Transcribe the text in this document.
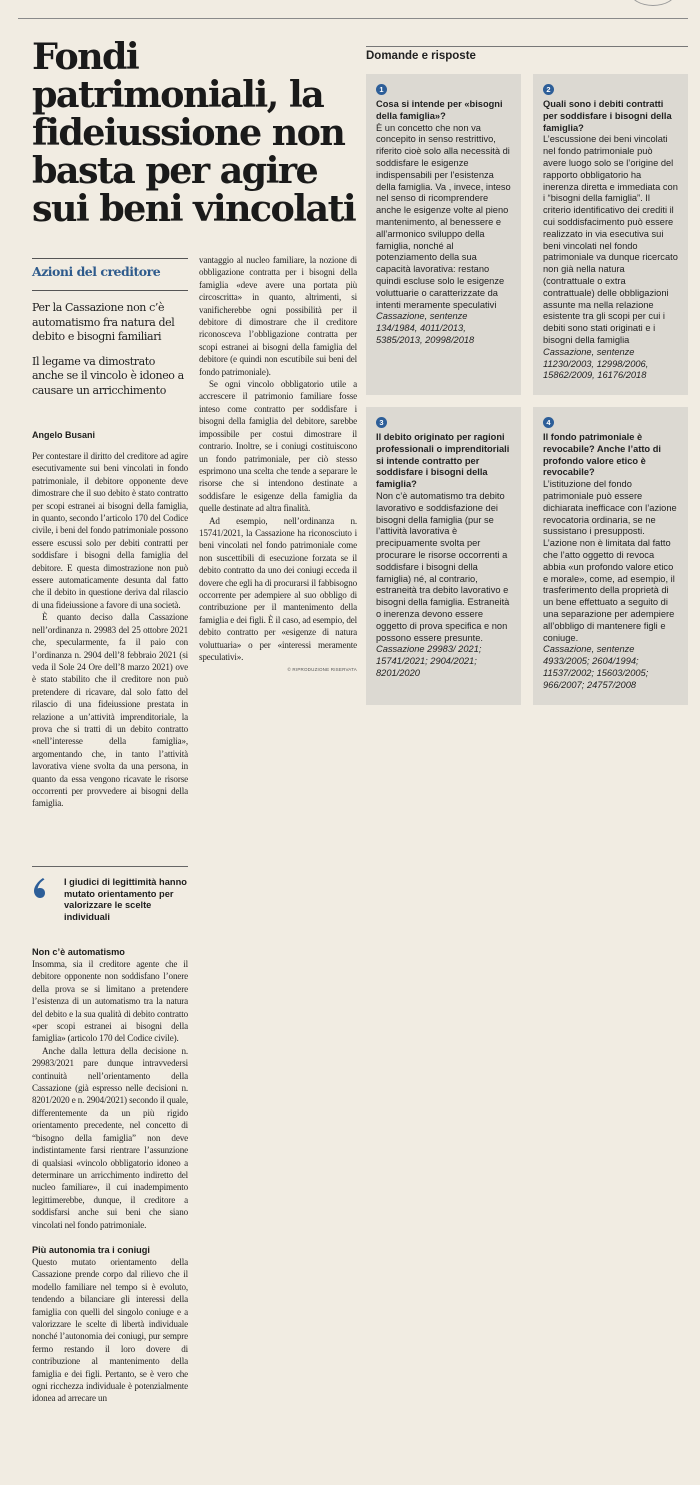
Fondi patrimoniali, la fideiussione non basta per agire sui beni vincolati
Azioni del creditore
Per la Cassazione non c’è automatismo fra natura del debito e bisogni familiari
Il legame va dimostrato anche se il vincolo è idoneo a causare un arricchimento
Angelo Busani

Per contestare il diritto del creditore ad agire esecutivamente sui beni vincolati in fondo patrimoniale, il debitore opponente deve dimostrare che il suo debito è stato contratto per scopi estranei ai bisogni della famiglia, in quanto, secondo l’articolo 170 del Codice civile, i beni del fondo patrimoniale possono essere escussi solo per debiti contratti per soddisfare i bisogni della famiglia del debitore. E questa dimostrazione non può essere automaticamente desunta dal fatto che il debito in questione deriva dal rilascio di una fideiussione a favore di una società.

È quanto deciso dalla Cassazione nell’ordinanza n. 29983 del 25 ottobre 2021 che, specularmente, fa il paio con l’ordinanza n. 2904 dell’8 febbraio 2021 (si veda il Sole 24 Ore dell’8 marzo 2021) ove è stato stabilito che il creditore non può pretendere di ricavare, dal solo fatto del rilascio di una fideiussione prestata in relazione a un’attività imprenditoriale, la prova che si tratti di un debito contratto «nell’interesse della famiglia», argomentando che, in tanto l’attività lavorativa viene svolta da una persona, in quanto da essa vengono ricavate le risorse occorrenti per provvedere ai bisogni della famiglia.

I giudici di legittimità hanno mutato orientamento per valorizzare le scelte individuali
Non c’è automatismo

Insomma, sia il creditore agente che il debitore opponente non soddisfano l’onere della prova se si limitano a pretendere l’esistenza di un automatismo tra la natura del debito e la sua qualità di debito contratto «per scopi estranei ai bisogni della famiglia» (articolo 170 del Codice civile).

Anche dalla lettura della decisione n. 29983/2021 pare dunque intravvedersi continuità nell’orientamento della Cassazione (già espresso nelle decisioni n. 8201/2020 e n. 2904/2021) secondo il quale, differentemente da un più rigido orientamento precedente, nel concetto di “bisogno della famiglia” non deve indistintamente farsi rientrare l’assunzione di qualsiasi «vincolo obbligatorio idoneo a determinare un arricchimento indiretto del nucleo familiare», il cui inadempimento legittimerebbe, dunque, il creditore a soddisfarsi anche sui beni che siano vincolati nel fondo patrimoniale.

Più autonomia tra i coniugi

Questo mutato orientamento della Cassazione prende corpo dal rilievo che il modello familiare nel tempo si è evoluto, tendendo a bilanciare gli interessi della famiglia con quelli del singolo coniuge e a valorizzare le scelte di libertà individuale nonché l’autonomia dei coniugi, pur sempre fermo restando il loro dovere di contribuzione al mantenimento della famiglia e dei figli. Pertanto, se è vero che ogni ricchezza individuale è potenzialmente idonea ad arrecare un

vantaggio al nucleo familiare, la nozione di obbligazione contratta per i bisogni della famiglia «deve avere una portata più circoscritta» in quanto, altrimenti, si vanificherebbe ogni possibilità per il debitore di dimostrare che il creditore riconosceva l’obbligazione contratta per scopi estranei ai bisogni della famiglia del debitore (e quindi non escutibile sui beni del fondo patrimoniale).

Se ogni vincolo obbligatorio utile a accrescere il patrimonio familiare fosse inteso come contratto per soddisfare i bisogni della famiglia del debitore, sarebbe impossibile per costui dimostrare il contrario. Inoltre, se i coniugi costituiscono un fondo patrimoniale, per ciò stesso esprimono una scelta che tende a separare le risorse che si intendono destinate a soddisfare le esigenze della famiglia da quelle destinate ad altra finalità.

Ad esempio, nell’ordinanza n. 15741/2021, la Cassazione ha riconosciuto i beni vincolati nel fondo patrimoniale come non suscettibili di esecuzione forzata se il debito contratto da uno dei coniugi ecceda il dovere che egli ha di procurarsi il fabbisogno occorrente per adempiere al suo obbligo di contribuzione per il mantenimento della famiglia e dei figli. È il caso, ad esempio, del debito contratto per «esigenze di natura voluttuaria» o per «interessi meramente speculativi».

© RIPRODUZIONE RISERVATA
Domande e risposte
1

Cosa si intende per «bisogni della famiglia»?

È un concetto che non va concepito in senso restrittivo, riferito cioè solo alla necessità di soddisfare le esigenze indispensabili per l’esistenza della famiglia. Va , invece, inteso nel senso di ricomprendere anche le esigenze volte al pieno mantenimento, al benessere e all’armonico sviluppo della famiglia, nonché al potenziamento della sua capacità lavorativa: restano quindi escluse solo le esigenze voluttuarie o caratterizzate da intenti meramente speculativi

Cassazione, sentenze 134/1984, 4011/2013, 5385/2013, 20998/2018

2

Quali sono i debiti contratti per soddisfare i bisogni della famiglia?

L’escussione dei beni vincolati nel fondo patrimoniale può avere luogo solo se l’origine del rapporto obbligatorio ha inerenza diretta e immediata con i “bisogni della famiglia”. Il criterio identificativo dei crediti il cui soddisfacimento può essere realizzato in via esecutiva sui beni vincolati nel fondo patrimoniale va dunque ricercato non già nella natura (contrattuale o extra contrattuale) delle obbligazioni assunte ma nella relazione esistente tra gli scopi per cui i debiti sono stati originati e i bisogni della famiglia

Cassazione, sentenze 11230/2003, 12998/2006, 15862/2009, 16176/2018

3

Il debito originato per ragioni professionali o imprenditoriali si intende contratto per soddisfare i bisogni della famiglia?

Non c’è automatismo tra debito lavorativo e soddisfazione dei bisogni della famiglia (pur se l’attività lavorativa è precipuamente svolta per procurare le risorse occorrenti a soddisfare i bisogni della famiglia) né, al contrario, estraneità tra debito lavorativo e bisogni della famiglia. Estraneità o inerenza devono essere oggetto di prova specifica e non possono essere presunte.

Cassazione 29983/ 2021; 15741/2021; 2904/2021; 8201/2020

4

Il fondo patrimoniale è revocabile? Anche l’atto di profondo valore etico è revocabile?

L’istituzione del fondo patrimoniale può essere dichiarata inefficace con l’azione revocatoria ordinaria, se ne sussistano i presupposti. L’azione non è limitata dal fatto che l’atto oggetto di revoca abbia «un profondo valore etico e morale», come, ad esempio, il trasferimento della proprietà di un bene effettuato a seguito di una separazione per adempiere all’obbligo di mantenere figli e coniuge.

Cassazione, sentenze 4933/2005; 2604/1994; 11537/2002; 15603/2005; 966/2007; 24757/2008
